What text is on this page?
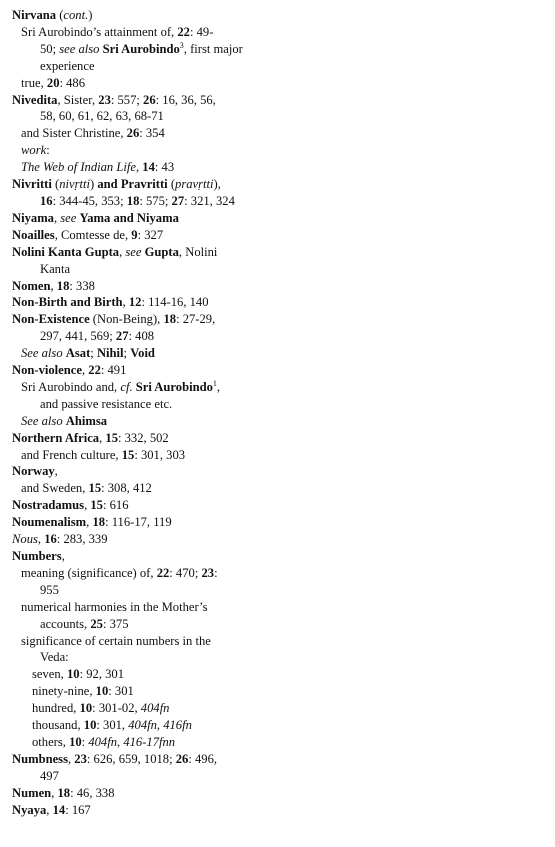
Nirvana (cont.)
Sri Aurobindo’s attainment of, 22: 49-
50; see also Sri Aurobindo$^3$, first major
experience
true, 20: 486
Nivedita, Sister, 23: 557; 26: 16, 36, 56,
58, 60, 61, 62, 63, 68-71
and Sister Christine, 26: 354
work:
The Web of Indian Life, 14: 43
Nivritti (nivṛtti) and Pravritti (pravṛtti),
16: 344-45, 353; 18: 575; 27: 321, 324
Niyama, see Yama and Niyama
Noailles, Comtesse de, 9: 327
Nolini Kanta Gupta, see Gupta, Nolini
Kanta
Nomen, 18: 338
Non-Birth and Birth, 12: 114-16, 140
Non-Existence (Non-Being), 18: 27-29,
297, 441, 569; 27: 408
See also Asat; Nihil; Void
Non-violence, 22: 491
Sri Aurobindo and, cf. Sri Aurobindo$^1$,
and passive resistance etc.
See also Ahimsa
Northern Africa, 15: 332, 502
and French culture, 15: 301, 303
Norway,
and Sweden, 15: 308, 412
Nostradamus, 15: 616
Noumenalism, 18: 116-17, 119
Nous, 16: 283, 339
Numbers,
meaning (significance) of, 22: 470; 23:
955
numerical harmonies in the Mother’s
accounts, 25: 375
significance of certain numbers in the
Veda:
seven, 10: 92, 301
ninety-nine, 10: 301
hundred, 10: 301-02, 404fn
thousand, 10: 301, 404fn, 416fn
others, 10: 404fn, 416-17fnn
Numbness, 23: 626, 659, 1018; 26: 496,
497
Numen, 18: 46, 338
Nyaya, 14: 167
